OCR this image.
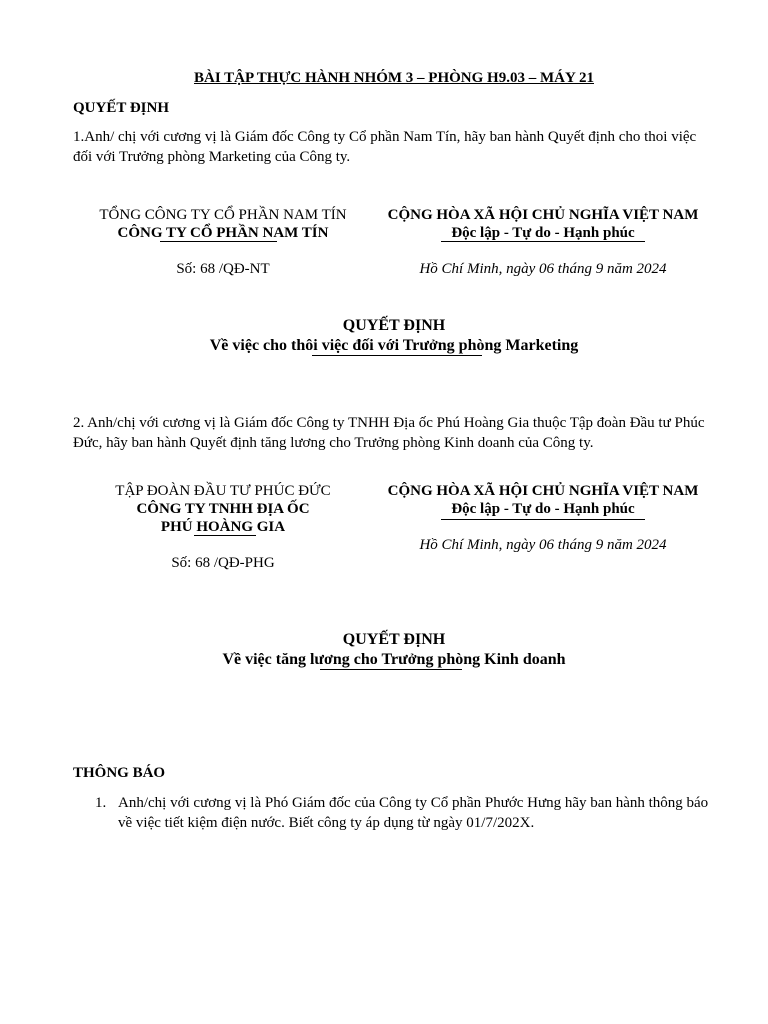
BÀI TẬP THỰC HÀNH NHÓM 3 – PHÒNG H9.03 – MÁY 21
QUYẾT ĐỊNH
1.Anh/ chị với cương vị là Giám đốc Công ty Cổ phần Nam Tín, hãy ban hành Quyết định cho thoi việc đối với Trưởng phòng Marketing của Công ty.
TỔNG CÔNG TY CỔ PHẦN NAM TÍN
CÔNG TY CỔ PHẦN NAM TÍN
CỘNG HÒA XÃ HỘI CHỦ NGHĨA VIỆT NAM
Độc lập - Tự do - Hạnh phúc
Số: 68 /QĐ-NT	Hồ Chí Minh, ngày 06 tháng 9 năm 2024
QUYẾT ĐỊNH
Về việc cho thôi việc đối với Trưởng phòng Marketing
2. Anh/chị với cương vị là Giám đốc Công ty TNHH Địa ốc Phú Hoàng Gia thuộc Tập đoàn Đầu tư Phúc Đức, hãy ban hành Quyết định tăng lương cho Trưởng phòng Kinh doanh của Công ty.
TẬP ĐOÀN ĐẦU TƯ PHÚC ĐỨC
CÔNG TY TNHH ĐỊA ỐC
PHÚ HOÀNG GIA
CỘNG HÒA XÃ HỘI CHỦ NGHĨA VIỆT NAM
Độc lập - Tự do - Hạnh phúc
Hồ Chí Minh, ngày 06 tháng 9 năm 2024
Số: 68 /QĐ-PHG
QUYẾT ĐỊNH
Về việc tăng lương cho Trưởng phòng Kinh doanh
THÔNG BÁO
1. Anh/chị với cương vị là Phó Giám đốc của Công ty Cổ phần Phước Hưng hãy ban hành thông báo về việc tiết kiệm điện nước. Biết công ty áp dụng từ ngày 01/7/202X.
